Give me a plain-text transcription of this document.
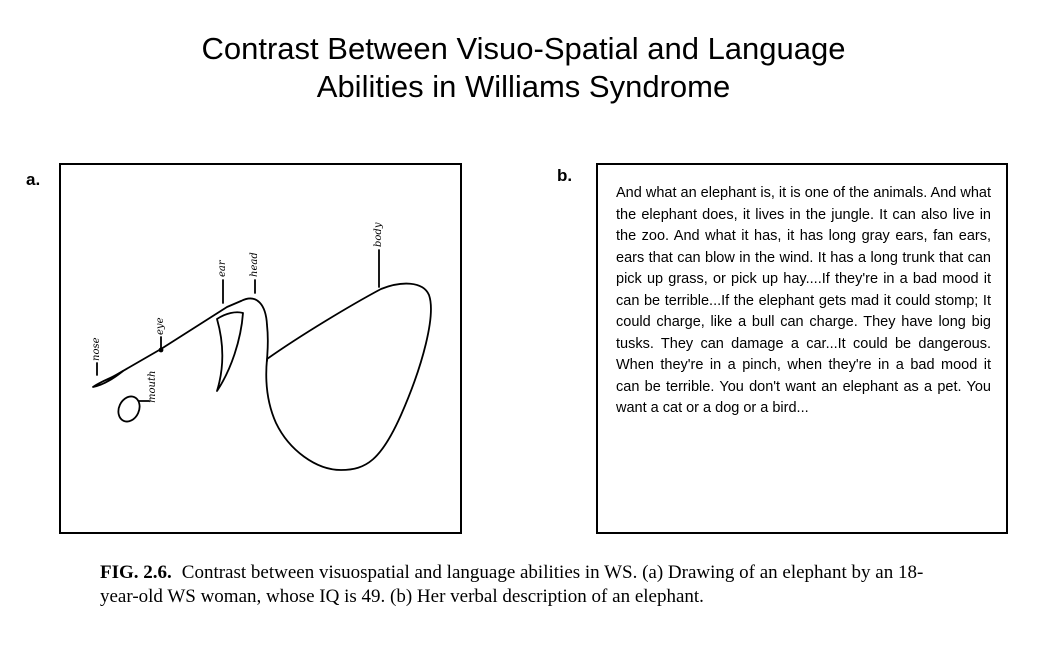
Contrast Between Visuo-Spatial and Language
Abilities in Williams Syndrome
a.
nose
eye
mouth
ear head
body
b.
And what an elephant is, it is one of the animals. And what the elephant does, it lives in the jungle. It can also live in the zoo. And what it has, it has long gray ears, fan ears, ears that can blow in the wind. It has a long trunk that can pick up grass, or pick up hay....If they're in a bad mood it can be terrible...If the elephant gets mad it could stomp; It could charge, like a bull can charge. They have long big tusks. They can damage a car...It could be dangerous. When they're in a pinch, when they're in a bad mood it can be terrible. You don't want an elephant as a pet. You want a cat or a dog or a bird...
FIG. 2.6. Contrast between visuospatial and language abilities in WS. (a) Drawing of an elephant by an 18-year-old WS woman, whose IQ is 49. (b) Her verbal description of an elephant.
